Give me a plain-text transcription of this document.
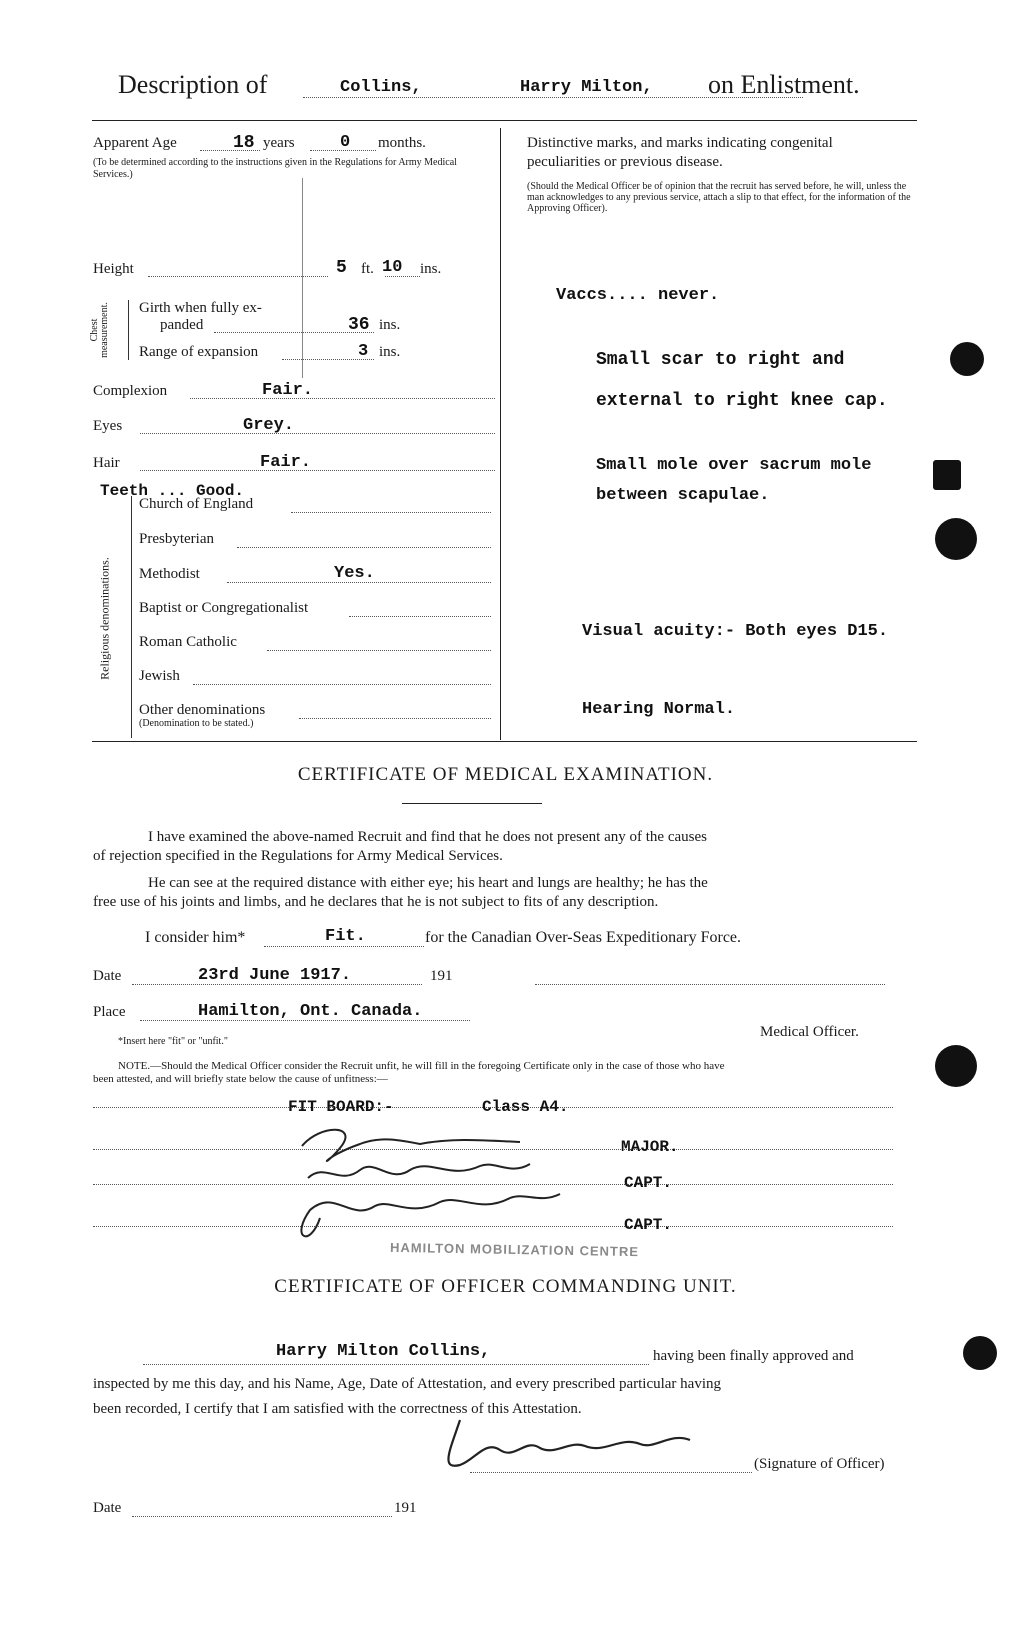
Description of	Collins,	Harry Milton, on Enlistment.
Apparent Age	18 years	0 months.
(To be determined according to the instructions given in the Regulations for Army Medical Services.)
Height	5 ft. 10 ins.
Chest measurement. Girth when fully ex-
panded	36 ins.
Range of expansion	3 ins.
Complexion	Fair.
Eyes	Grey.
Hair	Fair.
Teeth ... Good.
Religious denominations.
Church of England
Presbyterian
Methodist	Yes.
Baptist or Congregationalist
Roman Catholic
Jewish
Other denominations
(Denomination to be stated.)
Distinctive marks, and marks indicating congenital
peculiarities or previous disease.
(Should the Medical Officer be of opinion that the recruit has served before, he will, unless the man acknowledges to any previous service, attach a slip to that effect, for the information of the Approving Officer).
Vaccs.... never.
Small scar to right and
external to right knee cap.
Small mole over sacrum mole
between scapulae.
Visual acuity:- Both eyes D15.
Hearing Normal.
CERTIFICATE OF MEDICAL EXAMINATION.
I have examined the above-named Recruit and find that he does not present any of the causes
of rejection specified in the Regulations for Army Medical Services.
He can see at the required distance with either eye; his heart and lungs are healthy; he has the
free use of his joints and limbs, and he declares that he is not subject to fits of any description.
I consider him*	Fit.	for the Canadian Over-Seas Expeditionary Force.
Date	23rd June 1917.	191
Place	Hamilton, Ont. Canada.
*Insert here "fit" or "unfit."
Medical Officer.
NOTE.—Should the Medical Officer consider the Recruit unfit, he will fill in the foregoing Certificate only in the case of those who have
been attested, and will briefly state below the cause of unfitness:—
FIT BOARD:-	Class A4.
MAJOR.
CAPT.
CAPT.
HAMILTON MOBILIZATION CENTRE
CERTIFICATE OF OFFICER COMMANDING UNIT.
Harry Milton Collins,	having been finally approved and
inspected by me this day, and his Name, Age, Date of Attestation, and every prescribed particular having
been recorded, I certify that I am satisfied with the correctness of this Attestation.
(Signature of Officer)
Date	191
